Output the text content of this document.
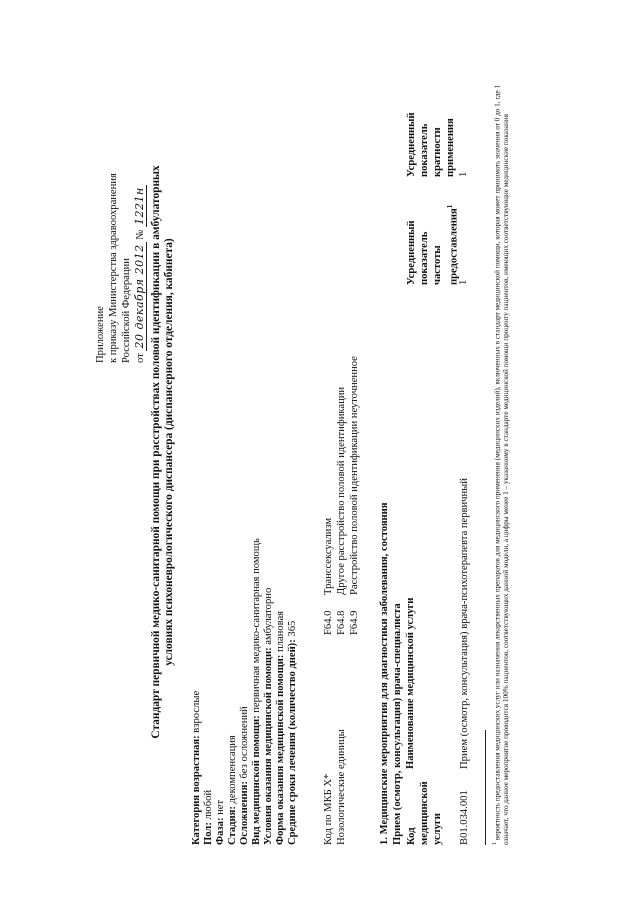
Приложение к приказу Министерства здравоохранения Российской Федерации от 20 декабря 2012 № 1221н Стандарт первичной медико-санитарной помощи при расстройствах половой идентификации в амбулаторных условиях психоневрологического диспансера (диспансерного отделения, кабинета)
Категория возрастная: взрослые
Пол: любой
Фаза: нет Стадия: декомпенсация
Осложнения: без осложнений Вид медицинской помощи: первичная медико-санитарная помощь
Условия оказания медицинской помощи: амбулаторно
Форма оказания медицинской помощи: плановая
Средние сроки лечения (количество дней): 365
Код по МКБ X* Нозологические единицы
F64.0Транссексуализм
F64.8Другое расстройство половой идентификации
F64.9Расстройство половой идентификации неуточненное
1. Медицинские мероприятия для диагностики заболевания, состояния Прием (осмотр, консультация) врача-специалиста Код медицинской услуги
Наименование медицинской услуги
Усредненный показатель частоты предоставления$^1$
Усредненный показатель кратности применения
B01.034.001
Прием (осмотр, консультация) врача-психотерапевта первичный
1
1
$^1$ вероятность предоставления медицинских услуг или назначения лекарственных препаратов для медицинского применения (медицинских изделий), включенных в стандарт медицинской помощи, которая может принимать значения от 0 до 1, где 1 означает, что данное мероприятие проводится 100% пациентов, соответствующих данной модели, а цифры менее 1 – указанному в стандарте медицинской помощи проценту пациентов, имеющих соответствующие медицинские показания
